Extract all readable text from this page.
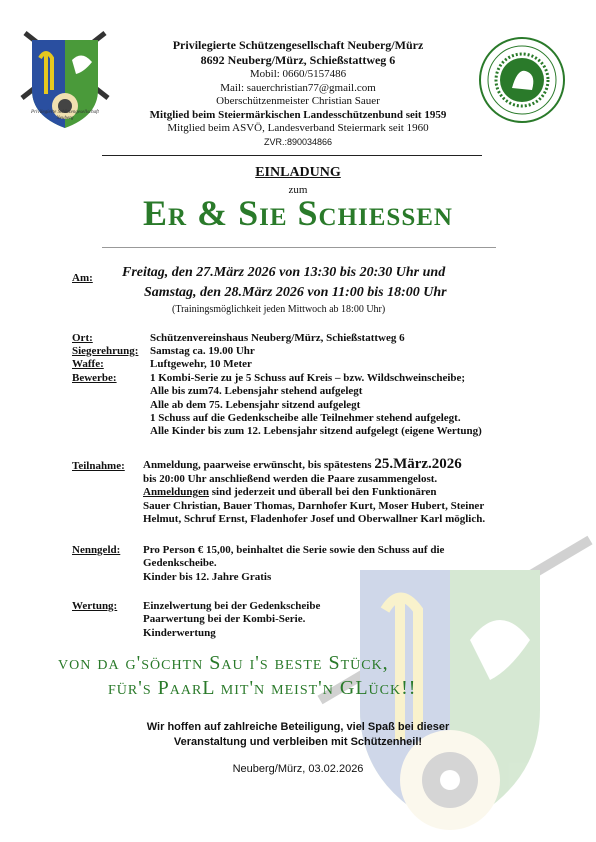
Privilegierte Schützengesellschaft Neuberg
Privilegierte Schützengesellschaft Neuberg/Mürz
8692 Neuberg/Mürz, Schießstattweg 6
Mobil: 0660/5157486
Mail: sauerchristian77@gmail.com
Oberschützenmeister Christian Sauer
Mitglied beim Steiermärkischen Landesschützenbund seit 1959
Mitglied beim ASVÖ, Landesverband Steiermark seit 1960
ZVR.:890034866
EINLADUNG
zum
Er & Sie Schiessen
Am: Freitag, den 27.März 2026 von 13:30 bis 20:30 Uhr und
Samstag, den 28.März 2026 von 11:00 bis 18:00 Uhr
(Trainingsmöglichkeit jeden Mittwoch ab 18:00 Uhr)
Ort:	Schützenvereinshaus Neuberg/Mürz, Schießstattweg 6
Siegerehrung: Samstag ca. 19.00 Uhr
Waffe:	Luftgewehr, 10 Meter
Bewerbe:	1 Kombi-Serie zu je 5 Schuss auf Kreis – bzw. Wildschweinscheibe;
Alle bis zum74. Lebensjahr stehend aufgelegt
Alle ab dem 75. Lebensjahr sitzend aufgelegt
1 Schuss auf die Gedenkscheibe alle Teilnehmer stehend aufgelegt.
Alle Kinder bis zum 12. Lebensjahr sitzend aufgelegt (eigene Wertung)
Teilnahme: Anmeldung, paarweise erwünscht, bis spätestens 25.März.2026
bis 20:00 Uhr anschließend werden die Paare zusammengelost.
Anmeldungen sind jederzeit und überall bei den Funktionären
Sauer Christian, Bauer Thomas, Darnhofer Kurt, Moser Hubert, Steiner
Helmut, Schruf Ernst, Fladenhofer Josef und Oberwallner Karl möglich.
Nenngeld: Pro Person € 15,00, beinhaltet die Serie sowie den Schuss auf die
Gedenkscheibe.
Kinder bis 12. Jahre Gratis
Wertung: Einzelwertung bei der Gedenkscheibe
Paarwertung bei der Kombi-Serie.
Kinderwertung
von da g'söchtn Sau i's beste Stück,
für's PaarL mit'n meist'n GLück!!
Wir hoffen auf zahlreiche Beteiligung, viel Spaß bei dieser
Veranstaltung und verbleiben mit Schützenheil!
Neuberg/Mürz, 03.02.2026
